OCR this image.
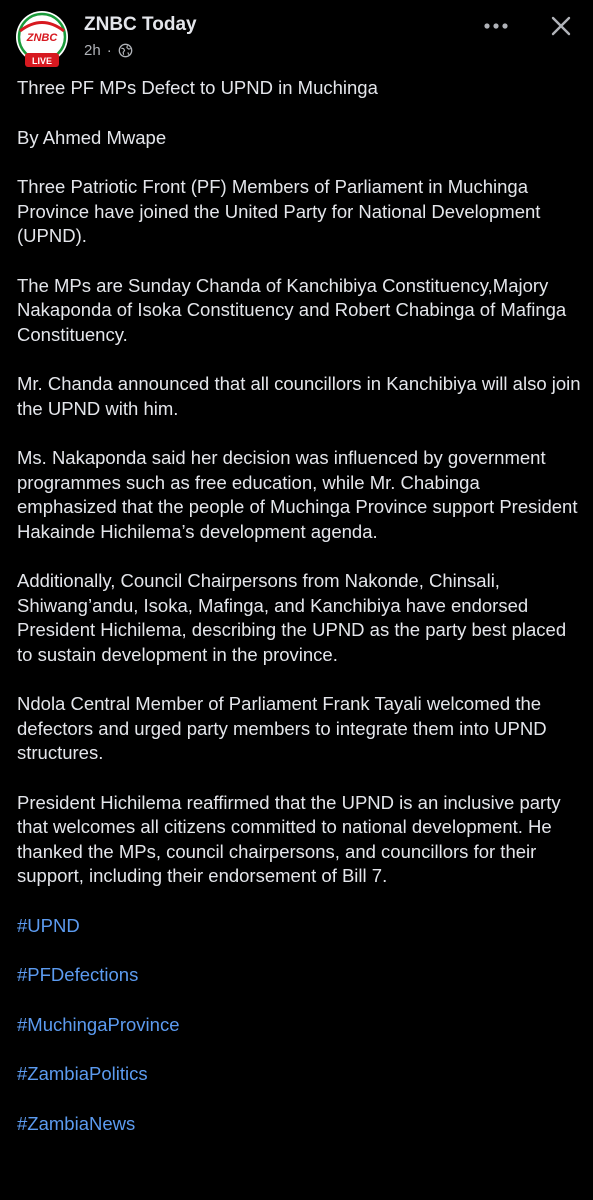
ZNBC
LIVE
ZNBC Today
2h ·

Three PF MPs Defect to UPND in Muchinga

By Ahmed Mwape

Three Patriotic Front (PF) Members of Parliament in Muchinga Province have joined the United Party for National Development (UPND).

The MPs are Sunday Chanda of Kanchibiya Constituency,Majory Nakaponda of Isoka Constituency and Robert Chabinga of Mafinga Constituency.

Mr. Chanda announced that all councillors in Kanchibiya will also join the UPND with him.

Ms. Nakaponda said her decision was influenced by government programmes such as free education, while Mr. Chabinga emphasized that the people of Muchinga Province support President Hakainde Hichilema’s development agenda.

Additionally, Council Chairpersons from Nakonde, Chinsali, Shiwang’andu, Isoka, Mafinga, and Kanchibiya have endorsed President Hichilema, describing the UPND as the party best placed to sustain development in the province.

Ndola Central Member of Parliament Frank Tayali welcomed the defectors and urged party members to integrate them into UPND structures.

President Hichilema reaffirmed that the UPND is an inclusive party that welcomes all citizens committed to national development. He thanked the MPs, council chairpersons, and councillors for their support, including their endorsement of Bill 7.

#UPND

#PFDefections

#MuchingaProvince

#ZambiaPolitics

#ZambiaNews
